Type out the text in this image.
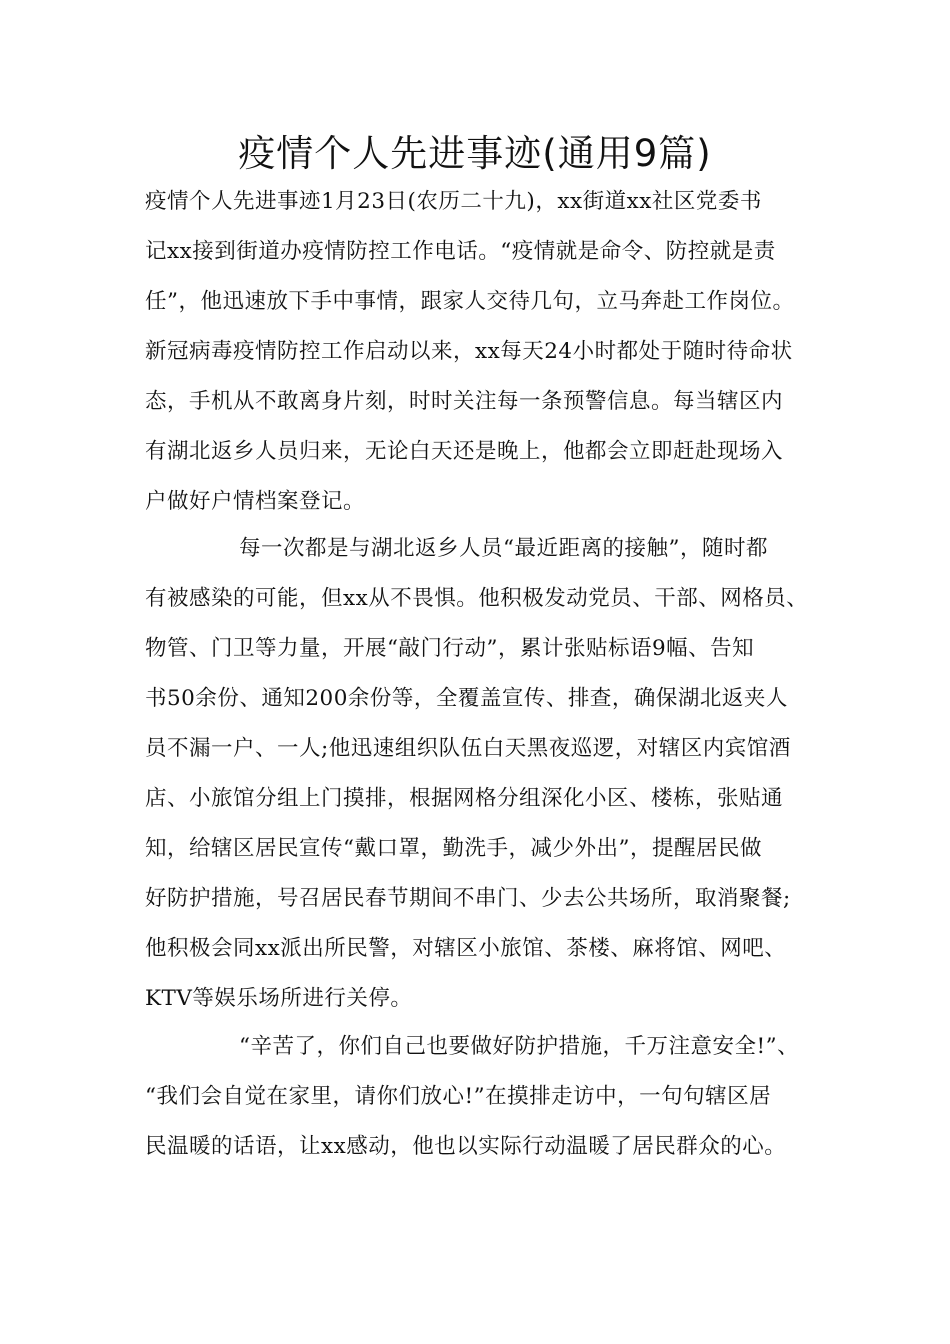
疫情个人先进事迹(通用9篇)
疫情个人先进事迹1月23日(农历二十九)，xx街道xx社区党委书
记xx接到街道办疫情防控工作电话。“疫情就是命令、防控就是责
任”，他迅速放下手中事情，跟家人交待几句，立马奔赴工作岗位。
新冠病毒疫情防控工作启动以来，xx每天24小时都处于随时待命状
态，手机从不敢离身片刻，时时关注每一条预警信息。每当辖区内
有湖北返乡人员归来，无论白天还是晚上，他都会立即赶赴现场入
户做好户情档案登记。
每一次都是与湖北返乡人员“最近距离的接触”，随时都
有被感染的可能，但xx从不畏惧。他积极发动党员、干部、网格员、
物管、门卫等力量，开展“敲门行动”，累计张贴标语9幅、告知
书50余份、通知200余份等，全覆盖宣传、排查，确保湖北返夹人
员不漏一户、一人;他迅速组织队伍白天黑夜巡逻，对辖区内宾馆酒
店、小旅馆分组上门摸排，根据网格分组深化小区、楼栋，张贴通
知，给辖区居民宣传“戴口罩，勤洗手，减少外出”，提醒居民做
好防护措施，号召居民春节期间不串门、少去公共场所，取消聚餐;
他积极会同xx派出所民警，对辖区小旅馆、茶楼、麻将馆、网吧、
KTV等娱乐场所进行关停。
“辛苦了，你们自己也要做好防护措施，千万注意安全!”、
“我们会自觉在家里，请你们放心!”在摸排走访中，一句句辖区居
民温暖的话语，让xx感动，他也以实际行动温暖了居民群众的心。
